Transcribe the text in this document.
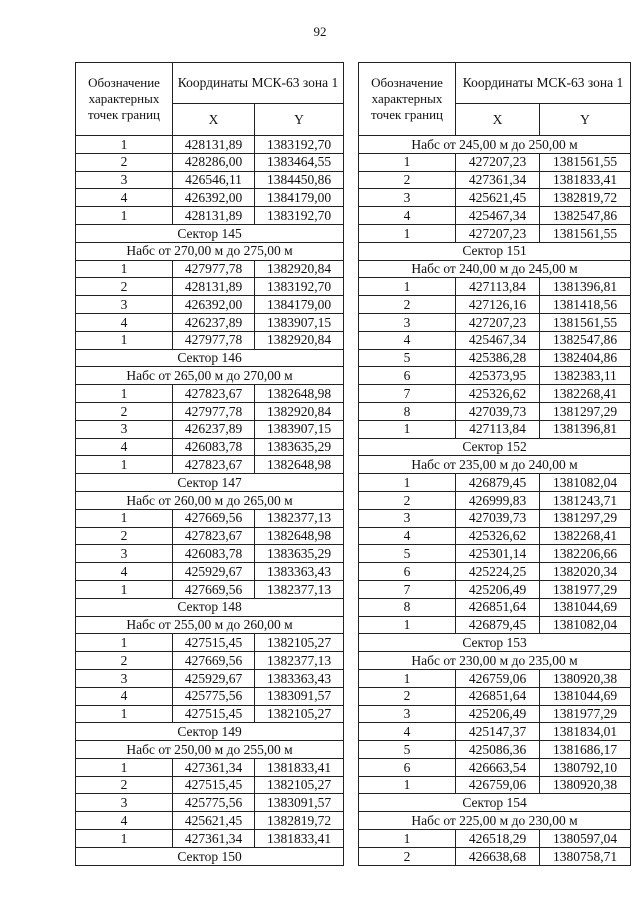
92
Обозначение характерных точек границ	Координаты МСК-63 зона 1	
	X	Y
1	428131,89	1383192,70
2	428286,00	1383464,55
3	426546,11	1384450,86
4	426392,00	1384179,00
1	428131,89	1383192,70
Сектор 145		
Набс от 270,00 м до 275,00 м		
1	427977,78	1382920,84
2	428131,89	1383192,70
3	426392,00	1384179,00
4	426237,89	1383907,15
1	427977,78	1382920,84
Сектор 146		
Набс от 265,00 м до 270,00 м		
1	427823,67	1382648,98
2	427977,78	1382920,84
3	426237,89	1383907,15
4	426083,78	1383635,29
1	427823,67	1382648,98
Сектор 147		
Набс от 260,00 м до 265,00 м		
1	427669,56	1382377,13
2	427823,67	1382648,98
3	426083,78	1383635,29
4	425929,67	1383363,43
1	427669,56	1382377,13
Сектор 148		
Набс от 255,00 м до 260,00 м		
1	427515,45	1382105,27
2	427669,56	1382377,13
3	425929,67	1383363,43
4	425775,56	1383091,57
1	427515,45	1382105,27
Сектор 149		
Набс от 250,00 м до 255,00 м		
1	427361,34	1381833,41
2	427515,45	1382105,27
3	425775,56	1383091,57
4	425621,45	1382819,72
1	427361,34	1381833,41
Сектор 150		
Обозначение характерных точек границ	Координаты МСК-63 зона 1	
	X	Y
Набс от 245,00 м до 250,00 м		
1	427207,23	1381561,55
2	427361,34	1381833,41
3	425621,45	1382819,72
4	425467,34	1382547,86
1	427207,23	1381561,55
Сектор 151		
Набс от 240,00 м до 245,00 м		
1	427113,84	1381396,81
2	427126,16	1381418,56
3	427207,23	1381561,55
4	425467,34	1382547,86
5	425386,28	1382404,86
6	425373,95	1382383,11
7	425326,62	1382268,41
8	427039,73	1381297,29
1	427113,84	1381396,81
Сектор 152		
Набс от 235,00 м до 240,00 м		
1	426879,45	1381082,04
2	426999,83	1381243,71
3	427039,73	1381297,29
4	425326,62	1382268,41
5	425301,14	1382206,66
6	425224,25	1382020,34
7	425206,49	1381977,29
8	426851,64	1381044,69
1	426879,45	1381082,04
Сектор 153		
Набс от 230,00 м до 235,00 м		
1	426759,06	1380920,38
2	426851,64	1381044,69
3	425206,49	1381977,29
4	425147,37	1381834,01
5	425086,36	1381686,17
6	426663,54	1380792,10
1	426759,06	1380920,38
Сектор 154		
Набс от 225,00 м до 230,00 м		
1	426518,29	1380597,04
2	426638,68	1380758,71
